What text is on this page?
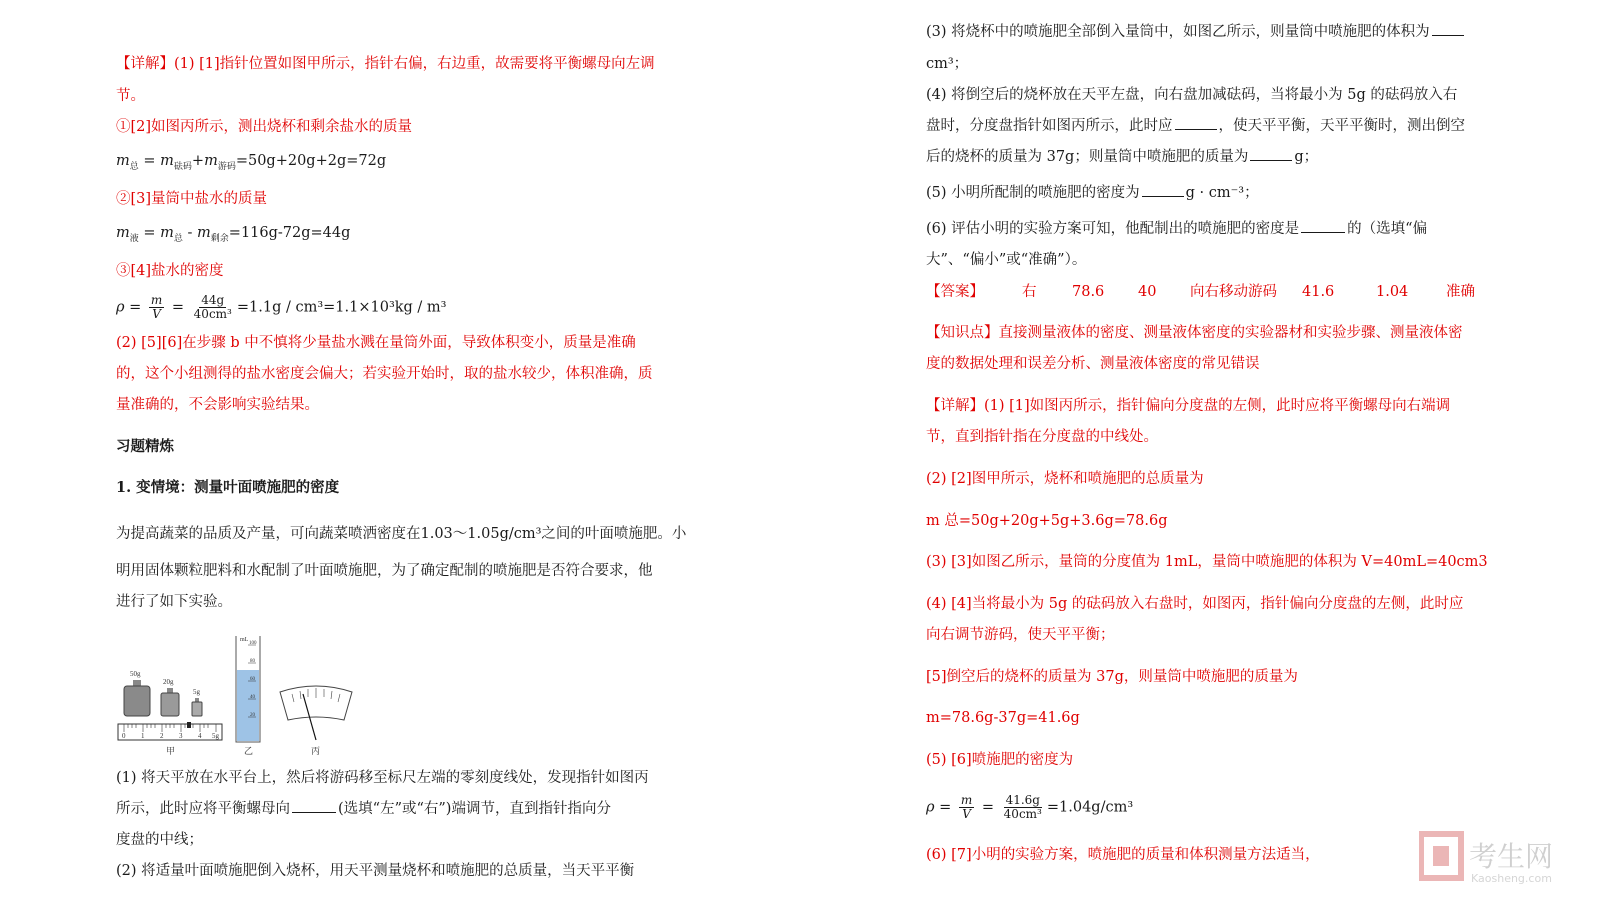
【详解】(1) [1]指针位置如图甲所示，指针右偏，右边重，故需要将平衡螺母向左调
节。
①[2]如图丙所示，测出烧杯和剩余盐水的质量
$m_总 = m_{砝码}+m_{游码}=50g+20g+2g=72g$
②[3]量筒中盐水的质量
$m_液 = m_总 - m_{剩余}=116g-72g=44g$
③[4]盐水的密度
$\rho = \frac{m}{V} = \frac{44g}{\text{40cm³}} =1.1g / cm^3=1.1\times 10^3kg / m^3$
(2) [5][6]在步骤 b 中不慎将少量盐水溅在量筒外面，导致体积变小，质量是准确
的，这个小组测得的盐水密度会偏大；若实验开始时，取的盐水较少，体积准确，质
量准确的，不会影响实验结果。
习题精炼
1. 变情境：测量叶面喷施肥的密度
为提高蔬菜的品质及产量，可向蔬菜喷洒密度在1.03～1.05g/cm³之间的叶面喷施肥。小
明用固体颗粒肥料和水配制了叶面喷施肥，为了确定配制的喷施肥是否符合要求，他
进行了如下实验。
(1) 将天平放在水平台上，然后将游码移至标尺左端的零刻度线处，发现指针如图丙
所示，此时应将平衡螺母向	(选填“左”或“右”)端调节，直到指针指向分
度盘的中线；
(2) 将适量叶面喷施肥倒入烧杯，用天平测量烧杯和喷施肥的总质量，当天平平衡
50g
20g
5g
0 1 2 3 4 5g
甲
mL
100
80
60
40
20
乙	丙
(3) 将烧杯中的喷施肥全部倒入量筒中，如图乙所示，则量筒中喷施肥的体积为
cm³；
(4) 将倒空后的烧杯放在天平左盘，向右盘加减砝码，当将最小为 5g 的砝码放入右
盘时，分度盘指针如图丙所示，此时应	，使天平平衡，天平平衡时，测出倒空
后的烧杯的质量为 37g；则量筒中喷施肥的质量为	g；
(5) 小明所配制的喷施肥的密度为	g · cm⁻³；
(6) 评估小明的实验方案可知，他配制出的喷施肥的密度是	的（选填“偏
大”、“偏小”或“准确”）。
【答案】	右 78.6 40 向右移动游码 41.6	1.04	准确
【知识点】直接测量液体的密度、测量液体密度的实验器材和实验步骤、测量液体密
度的数据处理和误差分析、测量液体密度的常见错误
【详解】(1) [1]如图丙所示，指针偏向分度盘的左侧，此时应将平衡螺母向右端调
节，直到指针指在分度盘的中线处。
(2) [2]图甲所示，烧杯和喷施肥的总质量为
m 总=50g+20g+5g+3.6g=78.6g
(3) [3]如图乙所示，量筒的分度值为 1mL，量筒中喷施肥的体积为 V=40mL=40cm3
(4) [4]当将最小为 5g 的砝码放入右盘时，如图丙，指针偏向分度盘的左侧，此时应
向右调节游码，使天平平衡；
[5]倒空后的烧杯的质量为 37g，则量筒中喷施肥的质量为
m=78.6g-37g=41.6g
(5) [6]喷施肥的密度为
$\rho = \frac{m}{V} = \frac{41.6g}{\text{40cm³}} =1.04g/cm^3$
(6) [7]小明的实验方案，喷施肥的质量和体积测量方法适当，	考生网
Kaosheng.com
